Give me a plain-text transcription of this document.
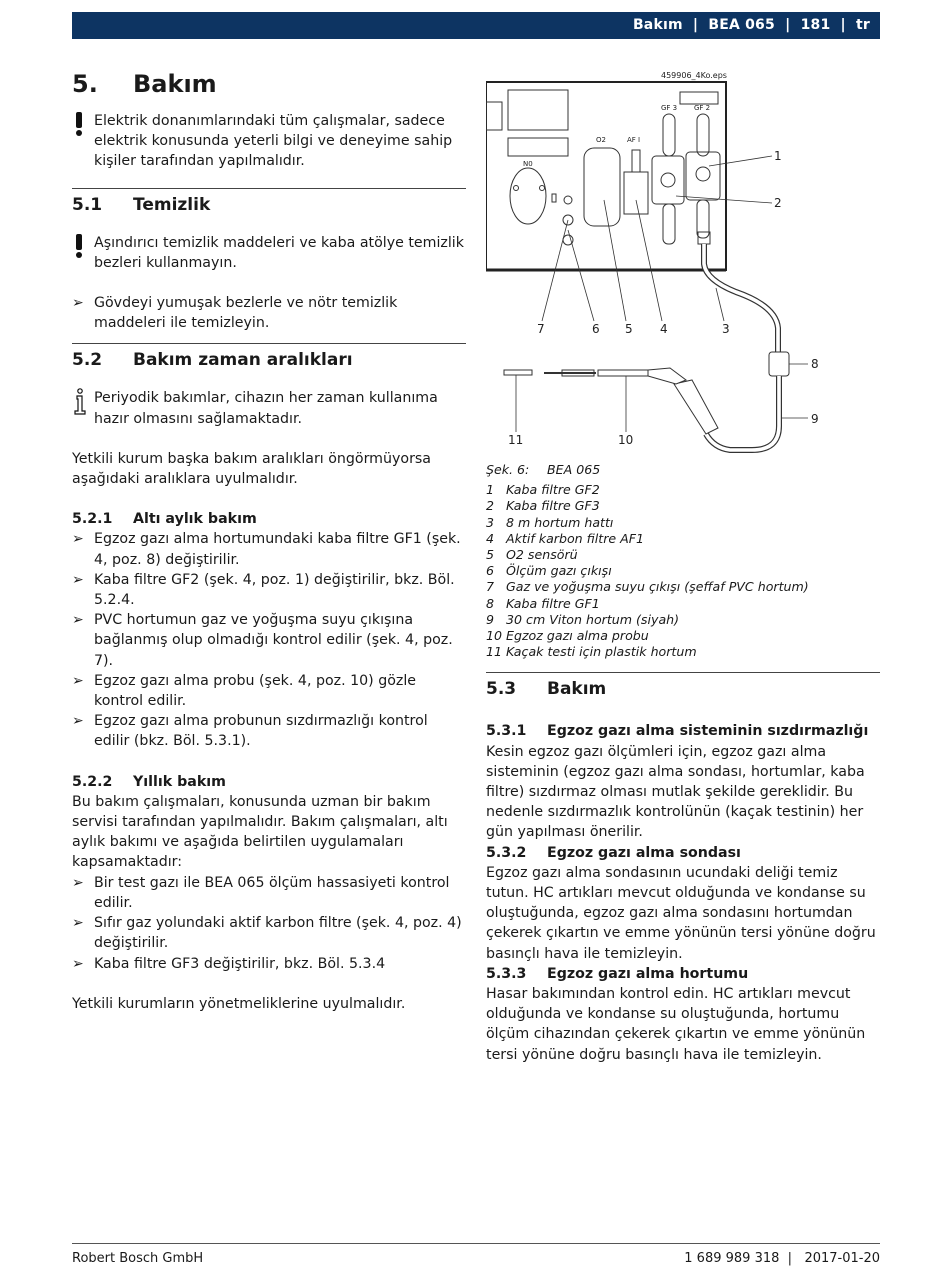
Bakım  |  BEA 065  |  181  |  tr
5. Bakım

Elektrik donanımlarındaki tüm çalışmalar, sadece elektrik konusunda yeterli bilgi ve deneyime sahip kişiler tarafından yapılmalıdır.

5.1 Temizlik

Aşındırıcı temizlik maddeleri ve kaba atölye temizlik bezleri kullanmayın.

➢ Gövdeyi yumuşak bezlerle ve nötr temizlik maddeleri ile temizleyin.

5.2 Bakım zaman aralıkları

Periyodik bakımlar, cihazın her zaman kullanıma hazır olmasını sağlamaktadır.

Yetkili kurum başka bakım aralıkları öngörmüyorsa aşağıdaki aralıklara uyulmalıdır.

5.2.1 Altı aylık bakım
➢ Egzoz gazı alma hortumundaki kaba filtre GF1 (şek. 4, poz. 8) değiştirilir.

➢ Kaba filtre GF2 (şek. 4, poz. 1) değiştirilir, bkz. Böl. 5.2.4.

➢ PVC hortumun gaz ve yoğuşma suyu çıkışına bağlanmış olup olmadığı kontrol edilir (şek. 4, poz. 7).

➢ Egzoz gazı alma probu (şek. 4, poz. 10) gözle kontrol edilir.

➢ Egzoz gazı alma probunun sızdırmazlığı kontrol edilir (bkz. Böl. 5.3.1).

5.2.2 Yıllık bakım

Bu bakım çalışmaları, konusunda uzman bir bakım servisi tarafından yapılmalıdır. Bakım çalışmaları, altı aylık bakımı ve aşağıda belirtilen uygulamaları kapsamaktadır:

➢ Bir test gazı ile BEA 065 ölçüm hassasiyeti kontrol edilir.

➢ Sıfır gaz yolundaki aktif karbon filtre (şek. 4, poz. 4) değiştirilir.

➢ Kaba filtre GF3 değiştirilir, bkz. Böl. 5.3.4

Yetkili kurumların yönetmeliklerine uyulmalıdır.

459906_4Ko.eps
N0
O2	AF I
GF 3 GF 2
1
2
3
4
5
6
7
8
9
10
11
Şek. 6: BEA 065
1 Kaba filtre GF2
2 Kaba filtre GF3
3 8 m hortum hattı
4 Aktif karbon filtre AF1
5 O2 sensörü
6 Ölçüm gazı çıkışı
7 Gaz ve yoğuşma suyu çıkışı (şeffaf PVC hortum)
8 Kaba filtre GF1
9 30 cm Viton hortum (siyah)
10 Egzoz gazı alma probu
11 Kaçak testi için plastik hortum
5.3 Bakım
5.3.1 Egzoz gazı alma sisteminin sızdırmazlığı

Kesin egzoz gazı ölçümleri için, egzoz gazı alma sisteminin (egzoz gazı alma sondası, hortumlar, kaba filtre) sızdırmaz olması mutlak şekilde gereklidir. Bu nedenle sızdırmazlık kontrolünün (kaçak testinin) her gün yapılması önerilir.

5.3.2 Egzoz gazı alma sondası

Egzoz gazı alma sondasının ucundaki deliği temiz tutun. HC artıkları mevcut olduğunda ve kondanse su oluştuğunda, egzoz gazı alma sondasını hortumdan çekerek çıkartın ve emme yönünün tersi yönüne doğru basınçlı hava ile temizleyin.

5.3.3 Egzoz gazı alma hortumu

Hasar bakımından kontrol edin. HC artıkları mevcut olduğunda ve kondanse su oluştuğunda, hortumu ölçüm cihazından çekerek çıkartın ve emme yönünün tersi yönüne doğru basınçlı hava ile temizleyin.

Robert Bosch GmbH	1 689 989 318  |   2017-01-20
